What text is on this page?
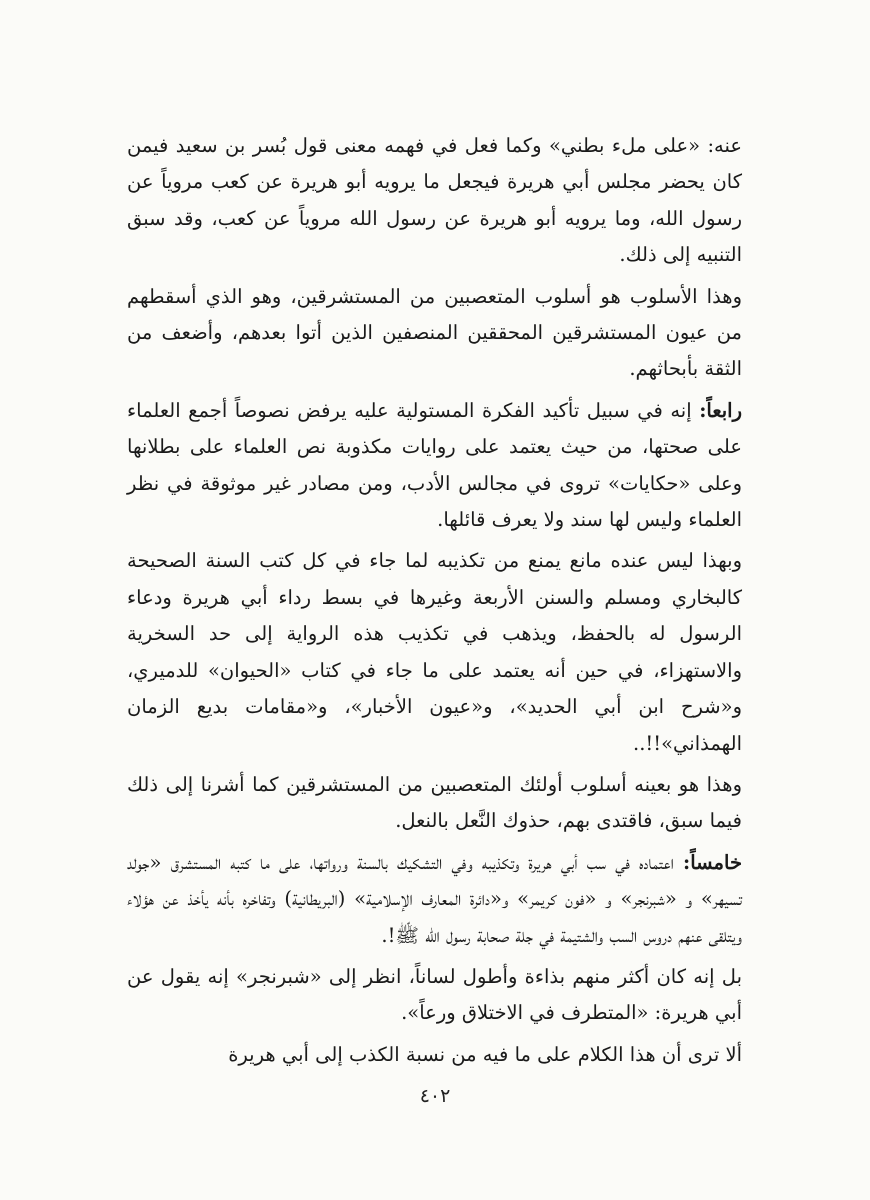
عنه: «على ملء بطني» وكما فعل في فهمه معنى قول بُسر بن سعيد فيمن كان يحضر مجلس أبي هريرة فيجعل ما يرويه أبو هريرة عن كعب مروياً عن رسول الله، وما يرويه أبو هريرة عن رسول الله مروياً عن كعب، وقد سبق التنبيه إلى ذلك.

وهذا الأسلوب هو أسلوب المتعصبين من المستشرقين، وهو الذي أسقطهم من عيون المستشرقين المحققين المنصفين الذين أتوا بعدهم، وأضعف من الثقة بأبحاثهم.

رابعاً: إنه في سبيل تأكيد الفكرة المستولية عليه يرفض نصوصاً أجمع العلماء على صحتها، من حيث يعتمد على روايات مكذوبة نص العلماء على بطلانها وعلى «حكايات» تروى في مجالس الأدب، ومن مصادر غير موثوقة في نظر العلماء وليس لها سند ولا يعرف قائلها.

وبهذا ليس عنده مانع يمنع من تكذيبه لما جاء في كل كتب السنة الصحيحة كالبخاري ومسلم والسنن الأربعة وغيرها في بسط رداء أبي هريرة ودعاء الرسول له بالحفظ، ويذهب في تكذيب هذه الرواية إلى حد السخرية والاستهزاء، في حين أنه يعتمد على ما جاء في كتاب «الحيوان» للدميري، و«شرح ابن أبي الحديد»، و«عيون الأخبار»، و«مقامات بديع الزمان الهمذاني»!!..

وهذا هو بعينه أسلوب أولئك المتعصبين من المستشرقين كما أشرنا إلى ذلك فيما سبق، فاقتدى بهم، حذوك النَّعل بالنعل.

خامساً: اعتماده في سب أبي هريرة وتكذيبه وفي التشكيك بالسنة ورواتها، على ما كتبه المستشرق «جولد تسيهر» و «شبرنجر» و «فون كريمر» و«دائرة المعارف الإسلامية» (البريطانية) وتفاخره بأنه يأخذ عن هؤلاء ويتلقى عنهم دروس السب والشتيمة في جلة صحابة رسول الله ﷺ!.

بل إنه كان أكثر منهم بذاءة وأطول لساناً، انظر إلى «شبرنجر» إنه يقول عن أبي هريرة: «المتطرف في الاختلاق ورعاً».

ألا ترى أن هذا الكلام على ما فيه من نسبة الكذب إلى أبي هريرة

٤٠٢
